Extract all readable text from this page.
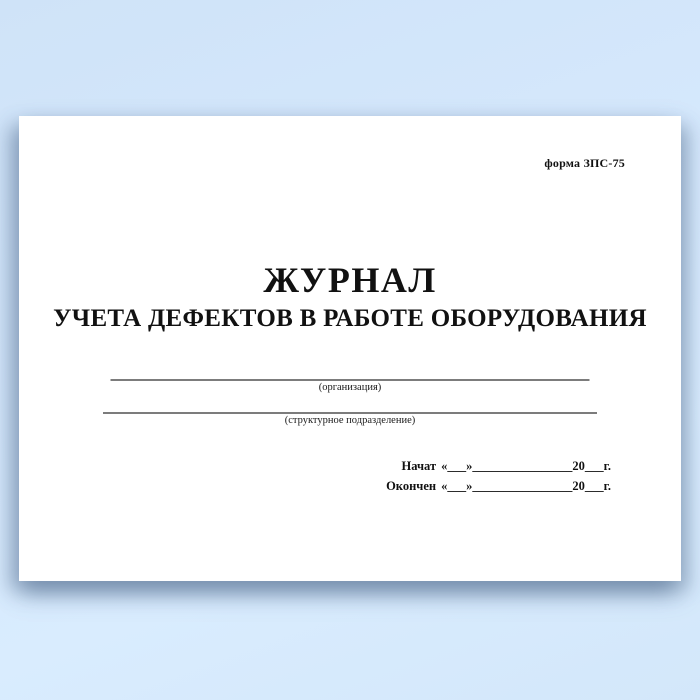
форма ЗПС-75
ЖУРНАЛ
УЧЕТА ДЕФЕКТОВ В РАБОТЕ ОБОРУДОВАНИЯ
(организация)
(структурное подразделение)
Начат «___»________________20___г.
Окончен «___»________________20___г.
